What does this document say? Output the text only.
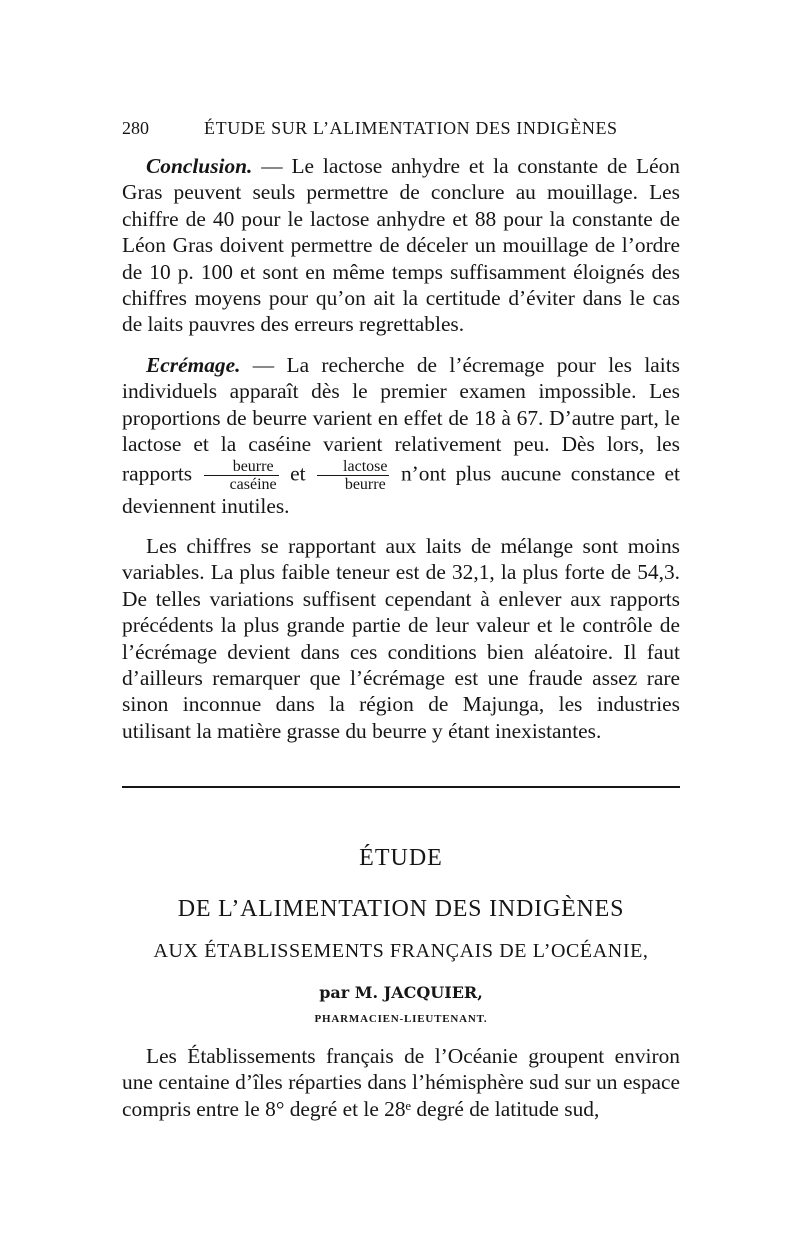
280	ÉTUDE SUR L’ALIMENTATION DES INDIGÈNES

Conclusion. — Le lactose anhydre et la constante de Léon Gras peuvent seuls permettre de conclure au mouillage. Les chiffre de 40 pour le lactose anhydre et 88 pour la constante de Léon Gras doivent permettre de déceler un mouillage de l’ordre de 10 p. 100 et sont en même temps suffisamment éloignés des chiffres moyens pour qu’on ait la certitude d’éviter dans le cas de laits pauvres des erreurs regrettables.

Ecrémage. — La recherche de l’écremage pour les laits individuels apparaît dès le premier examen impossible. Les proportions de beurre varient en effet de 18 à 67. D’autre part, le lactose et la caséine varient relativement peu. Dès lors, les rapports $\frac{\text{beurre}}{\text{caséine}}$ et $\frac{\text{lactose}}{\text{beurre}}$ n’ont plus aucune constance et deviennent inutiles.

Les chiffres se rapportant aux laits de mélange sont moins variables. La plus faible teneur est de 32,1, la plus forte de 54,3. De telles variations suffisent cependant à enlever aux rapports précédents la plus grande partie de leur valeur et le contrôle de l’écrémage devient dans ces conditions bien aléatoire. Il faut d’ailleurs remarquer que l’écrémage est une fraude assez rare sinon inconnue dans la région de Majunga, les industries utilisant la matière grasse du beurre y étant inexistantes.

ÉTUDE
DE L’ALIMENTATION DES INDIGÈNES
AUX ÉTABLISSEMENTS FRANÇAIS DE L’OCÉANIE,
par M. JACQUIER,
PHARMACIEN-LIEUTENANT.

Les Établissements français de l’Océanie groupent environ une centaine d’îles réparties dans l’hémisphère sud sur un espace compris entre le 8° degré et le 28ᵉ degré de latitude sud,
